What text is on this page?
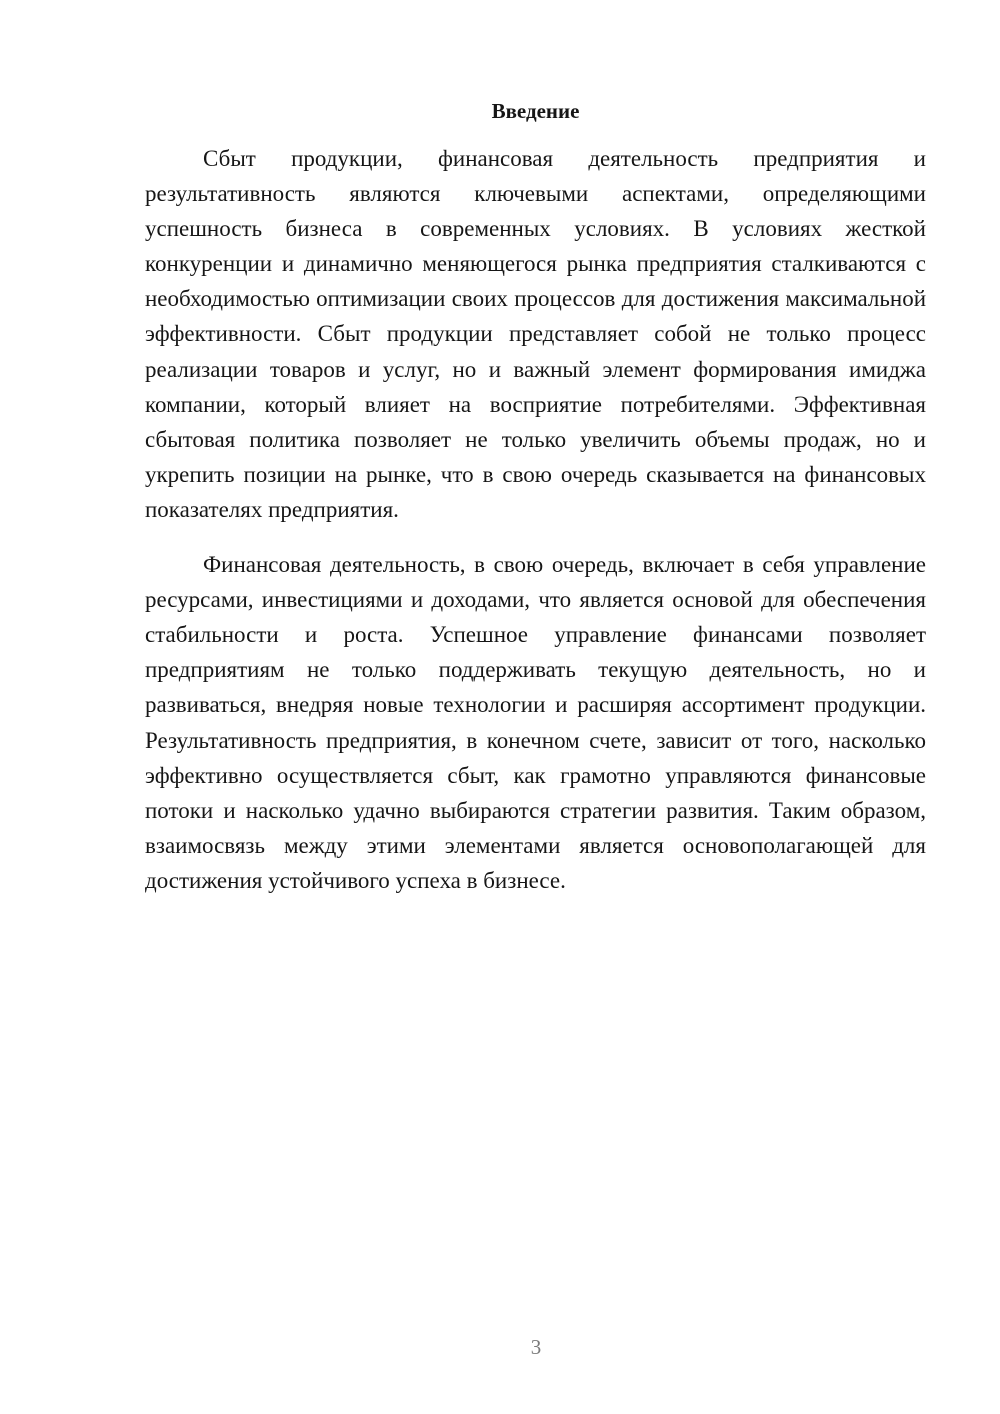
Введение

Сбыт продукции, финансовая деятельность предприятия и результативность являются ключевыми аспектами, определяющими успешность бизнеса в современных условиях. В условиях жесткой конкуренции и динамично меняющегося рынка предприятия сталкиваются с необходимостью оптимизации своих процессов для достижения максимальной эффективности. Сбыт продукции представляет собой не только процесс реализации товаров и услуг, но и важный элемент формирования имиджа компании, который влияет на восприятие потребителями. Эффективная сбытовая политика позволяет не только увеличить объемы продаж, но и укрепить позиции на рынке, что в свою очередь сказывается на финансовых показателях предприятия.

Финансовая деятельность, в свою очередь, включает в себя управление ресурсами, инвестициями и доходами, что является основой для обеспечения стабильности и роста. Успешное управление финансами позволяет предприятиям не только поддерживать текущую деятельность, но и развиваться, внедряя новые технологии и расширяя ассортимент продукции. Результативность предприятия, в конечном счете, зависит от того, насколько эффективно осуществляется сбыт, как грамотно управляются финансовые потоки и насколько удачно выбираются стратегии развития. Таким образом, взаимосвязь между этими элементами является основополагающей для достижения устойчивого успеха в бизнесе.

3
